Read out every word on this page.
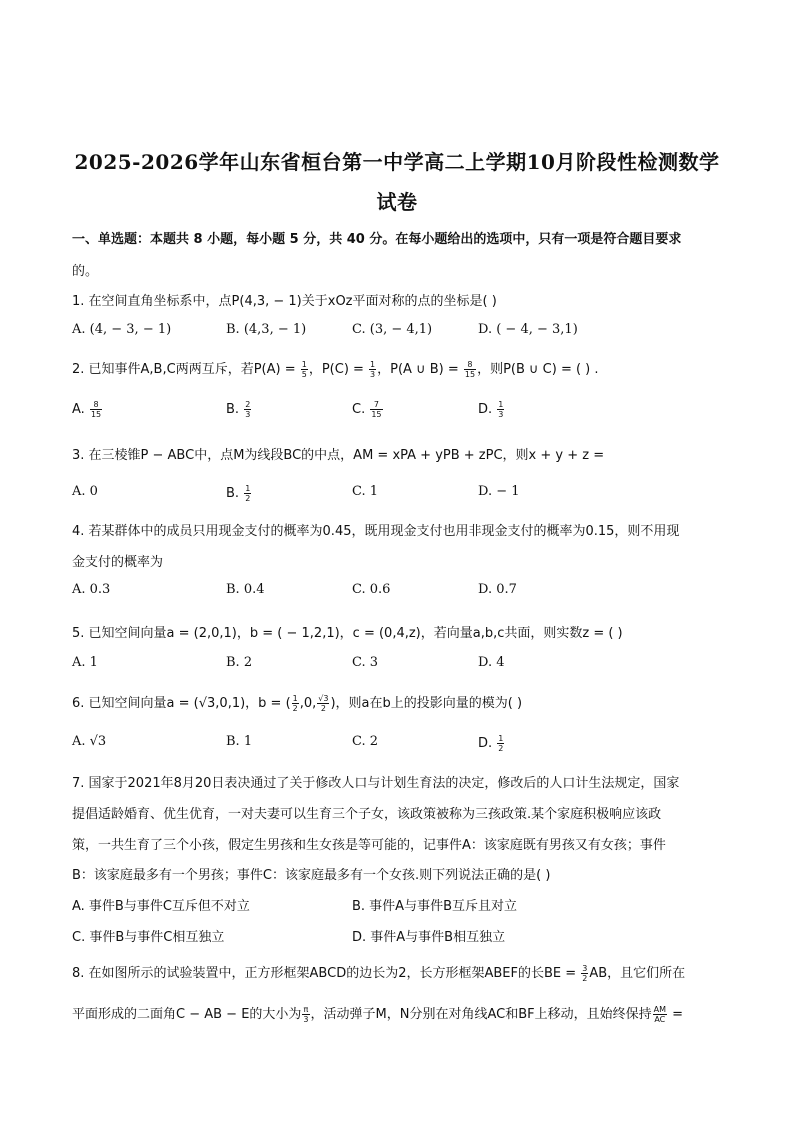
2025-2026学年山东省桓台第一中学高二上学期10月阶段性检测数学
试卷
一、单选题：本题共 8 小题，每小题 5 分，共 40 分。在每小题给出的选项中，只有一项是符合题目要求
的。
1. 在空间直角坐标系中，点P(4,3, − 1)关于xOz平面对称的点的坐标是( )
A. (4, − 3, − 1)	B. (4,3, − 1)	C. (3, − 4,1)	D. ( − 4, − 3,1)
2. 已知事件A,B,C两两互斥，若$P(A) = \frac{1}{5}$ ，$P(C) = \frac{1}{3}$ ，P(A ∪ $B) = \frac{8}{15}$ ，则P(B ∪ C) = ( ) .
A. $\frac{8}{15}$	B. $\frac{2}{3}$	C. $\frac{7}{15}$	D. $\frac{1}{3}$
3. 在三棱锥P − ABC中，点M为线段BC的中点，AM = xPA + yPB + zPC，则x + y + z =
A. 0	B. $\frac{1}{2}$	C. 1	D. − 1
4. 若某群体中的成员只用现金支付的概率为0.45，既用现金支付也用非现金支付的概率为0.15，则不用现
金支付的概率为
A. 0.3	B. 0.4	C. 0.6	D. 0.7
5. 已知空间向量a = (2,0,1)，b = ( − 1,2,1)，c = (0,4,z)，若向量a,b,c共面，则实数z = ( )
A. 1	B. 2	C. 3	D. 4
6. 已知空间向量a = (√3,0,1)，b = ( $\frac{1}{2} ,0$, $\frac{√3}{2}$ )，则a在b上的投影向量的模为( )
A. √3	B. 1	C. 2	D. $\frac{1}{2}$
7. 国家于2021年8月20日表决通过了关于修改人口与计划生育法的决定，修改后的人口计生法规定，国家
提倡适龄婚育、优生优育，一对夫妻可以生育三个子女，该政策被称为三孩政策.某个家庭积极响应该政
策，一共生育了三个小孩，假定生男孩和生女孩是等可能的，记事件A：该家庭既有男孩又有女孩；事件
B：该家庭最多有一个男孩；事件C：该家庭最多有一个女孩.则下列说法正确的是( )
A. 事件B与事件C互斥但不对立	B. 事件A与事件B互斥且对立
C. 事件B与事件C相互独立	D. 事件A与事件B相互独立
8. 在如图所示的试验装置中，正方形框架ABCD的边长为2，长方形框架ABEF的长BE = $\frac{3}{2}$ AB，且它们所在
平面形成的二面角C − AB − E的大小为 $\frac{\pi}{3}$ ，活动弹子M，N分别在对角线AC和BF上移动，且始终保持 $\frac{AM}{AC}$ =
